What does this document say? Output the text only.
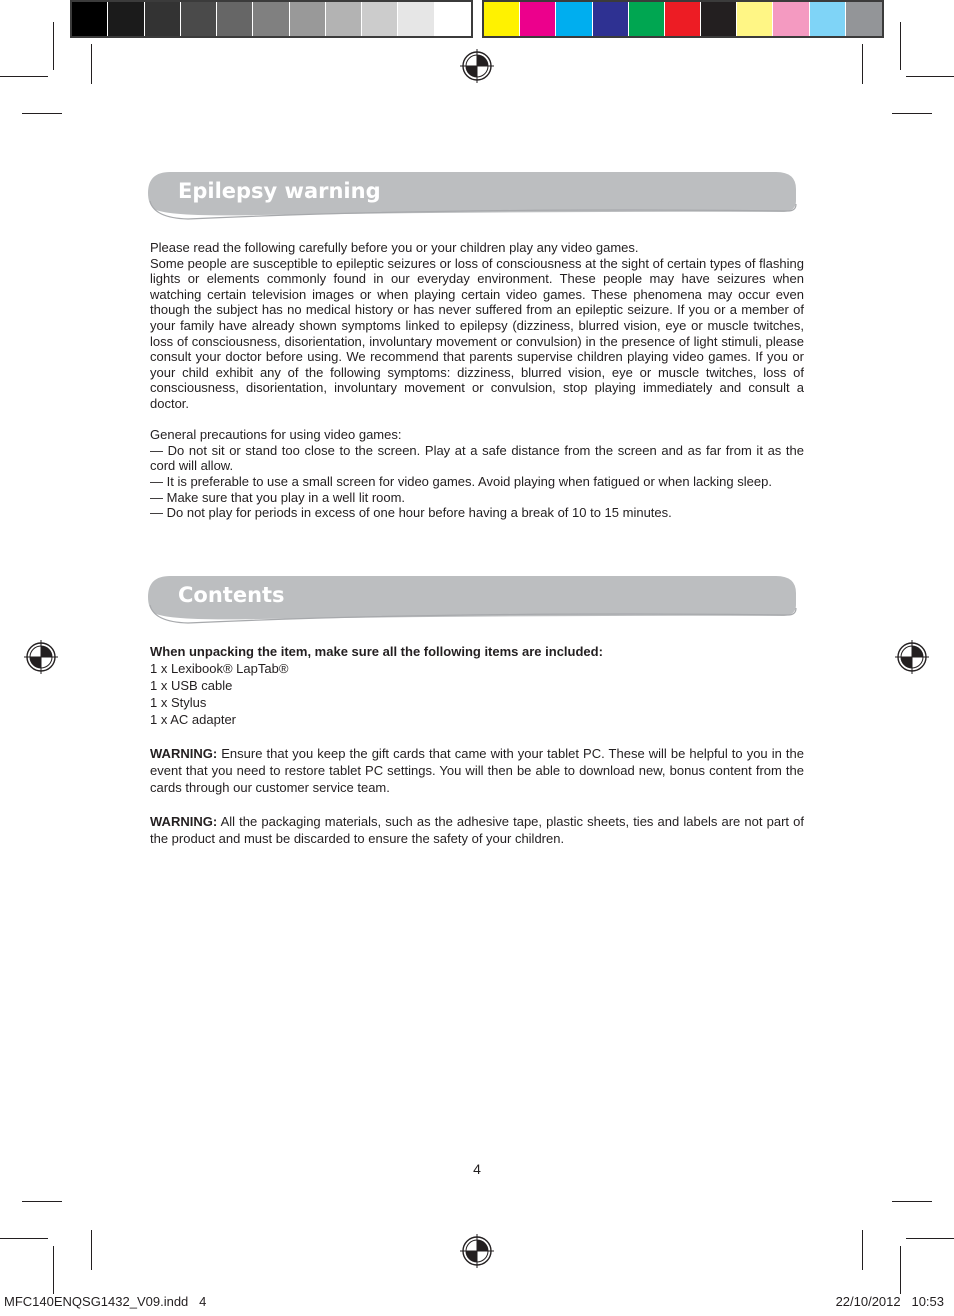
Epilepsy warning

Please read the following carefully before you or your children play any video games.

Some people are susceptible to epileptic seizures or loss of consciousness at the sight of certain types of flashing lights or elements commonly found in our everyday environment. These people may have seizures when watching certain television images or when playing certain video games. These phenomena may occur even though the subject has no medical history or has never suffered from an epileptic seizure. If you or a member of your family have already shown symptoms linked to epilepsy (dizziness, blurred vision, eye or muscle twitches, loss of consciousness, disorientation, involuntary movement or convulsion) in the presence of light stimuli, please consult your doctor before using. We recommend that parents supervise children playing video games. If you or your child exhibit any of the following symptoms: dizziness, blurred vision, eye or muscle twitches, loss of consciousness, disorientation, involuntary movement or convulsion, stop playing immediately and consult a doctor.

General precautions for using video games:

— Do not sit or stand too close to the screen. Play at a safe distance from the screen and as far from it as the cord will allow.

— It is preferable to use a small screen for video games. Avoid playing when fatigued or when lacking sleep.

— Make sure that you play in a well lit room.

— Do not play for periods in excess of one hour before having a break of 10 to 15 minutes.

Contents

When unpacking the item, make sure all the following items are included:

1 x Lexibook® LapTab®

1 x USB cable

1 x Stylus

1 x AC adapter

WARNING: Ensure that you keep the gift cards that came with your tablet PC. These will be helpful to you in the event that you need to restore tablet PC settings. You will then be able to download new, bonus content from the cards through our customer service team.

WARNING: All the packaging materials, such as the adhesive tape, plastic sheets, ties and labels are not part of the product and must be discarded to ensure the safety of your children.

4
MFC140ENQSG1432_V09.indd   4	22/10/2012   10:53
